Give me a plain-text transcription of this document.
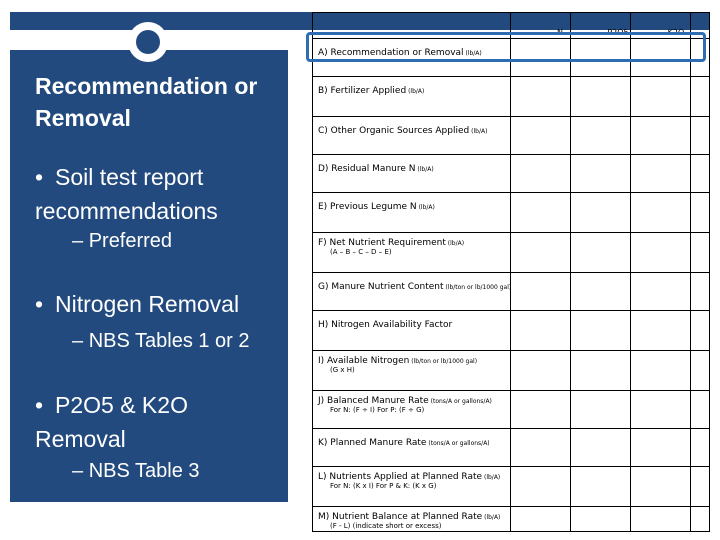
Recommendation or Removal
• Soil test report recommendations
– Preferred
• Nitrogen Removal
– NBS Tables 1 or 2
• P2O5 & K2O Removal
– NBS Table 3
N	P2O5	K2O
A) Recommendation or Removal (lb/A)
B) Fertilizer Applied (lb/A)
C) Other Organic Sources Applied (lb/A)
D) Residual Manure N (lb/A)
E) Previous Legume N (lb/A)
F) Net Nutrient Requirement (lb/A)
(A – B – C – D – E)
G) Manure Nutrient Content (lb/ton or lb/1000 gal)
H) Nitrogen Availability Factor
I) Available Nitrogen (lb/ton or lb/1000 gal)
(G x H)
J) Balanced Manure Rate (tons/A or gallons/A)
For N: (F ÷ I) For P: (F ÷ G)
K) Planned Manure Rate (tons/A or gallons/A)
L) Nutrients Applied at Planned Rate (lb/A)
For N: (K x I) For P & K: (K x G)
M) Nutrient Balance at Planned Rate (lb/A)
(F - L) (indicate short or excess)
